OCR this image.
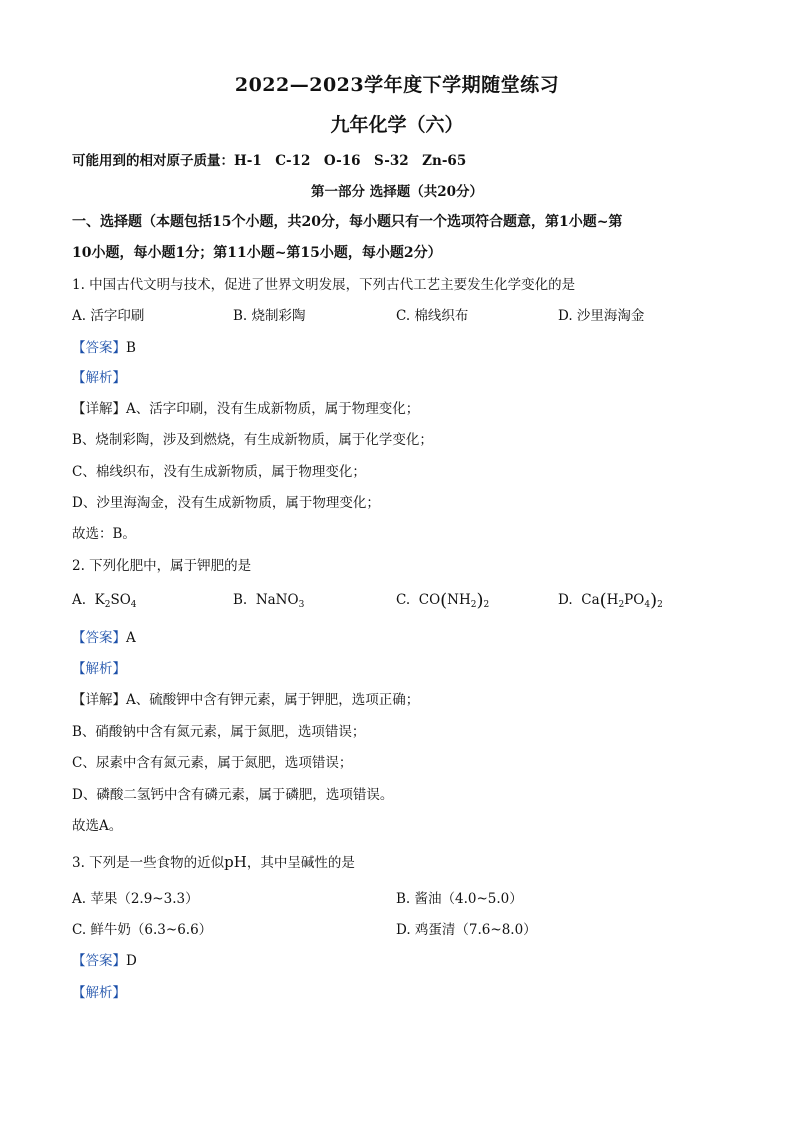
2022—2023学年度下学期随堂练习
九年化学（六）
可能用到的相对原子质量：H-1　C-12　O-16　S-32　Zn-65
第一部分 选择题（共20分）
一、选择题（本题包括15个小题，共20分，每小题只有一个选项符合题意，第1小题~第
10小题，每小题1分；第11小题~第15小题，每小题2分）
1. 中国古代文明与技术，促进了世界文明发展，下列古代工艺主要发生化学变化的是
A. 活字印刷	B. 烧制彩陶	C. 棉线织布	D. 沙里海淘金
【答案】B
【解析】
【详解】A、活字印刷，没有生成新物质，属于物理变化；
B、烧制彩陶，涉及到燃烧，有生成新物质，属于化学变化；
C、棉线织布，没有生成新物质，属于物理变化；
D、沙里海淘金，没有生成新物质，属于物理变化；
故选：B。
2. 下列化肥中，属于钾肥的是
A. $K_2SO_4$	B. NaNO$_3$	C. $CO(NH_2)_2$	D. $Ca(H_2PO_4)_2$
【答案】A
【解析】
【详解】A、硫酸钾中含有钾元素，属于钾肥，选项正确；
B、硝酸钠中含有氮元素，属于氮肥，选项错误；
C、尿素中含有氮元素，属于氮肥，选项错误；
D、磷酸二氢钙中含有磷元素，属于磷肥，选项错误。
故选A。
3. 下列是一些食物的近似pH，其中呈碱性的是
A. 苹果（2.9~3.3）	B. 酱油（4.0~5.0）
C. 鲜牛奶（6.3~6.6）	D. 鸡蛋清（7.6~8.0）
【答案】D
【解析】
